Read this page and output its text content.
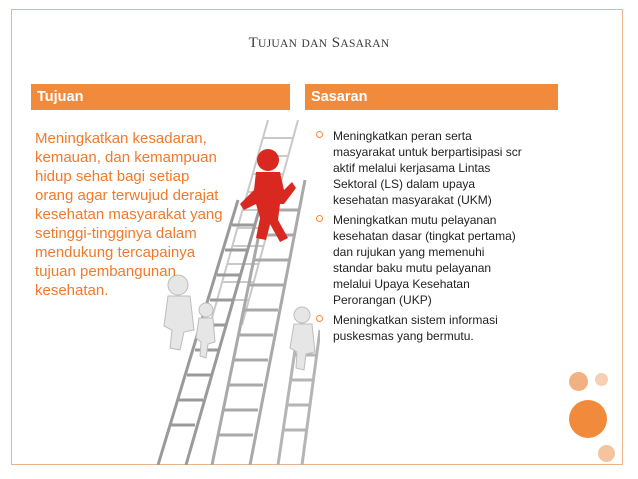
TUJUAN DAN SASARAN
Tujuan	Sasaran
Meningkatkan kesadaran,
kemauan, dan kemampuan
hidup sehat bagi setiap
orang agar terwujud derajat
kesehatan masyarakat yang
setinggi-tingginya dalam
mendukung tercapainya
tujuan pembangunan
kesehatan.
Meningkatkan peran serta
masyarakat untuk berpartisipasi scr
aktif melalui kerjasama Lintas
Sektoral (LS) dalam upaya
kesehatan masyarakat (UKM)
Meningkatkan mutu pelayanan
kesehatan dasar (tingkat pertama)
dan rujukan yang memenuhi
standar baku mutu pelayanan
melalui Upaya Kesehatan
Perorangan (UKP)
Meningkatkan sistem informasi
puskesmas yang bermutu.
